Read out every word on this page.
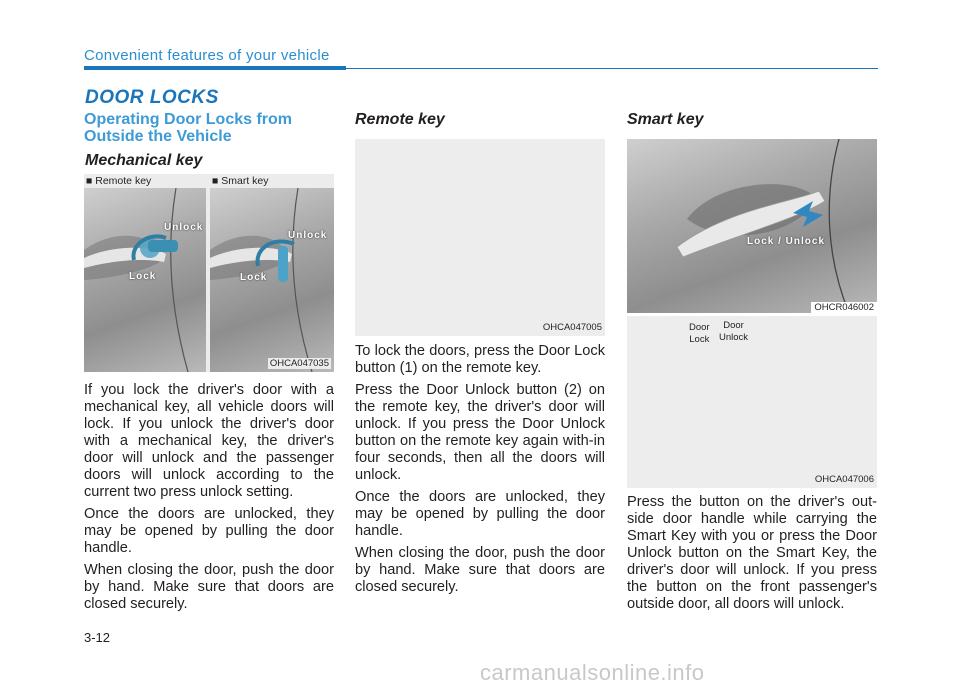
Convenient features of your vehicle
DOOR LOCKS
Operating Door Locks from Outside the Vehicle
Mechanical key
Unlock
Lock
■ Remote key
Unlock
Lock
■ Smart key
OHCA047035

If you lock the driver's door with a mechanical key, all vehicle doors will lock. If you unlock the driver's door with a mechanical key, the driver's door will unlock and the passenger doors will unlock according to the current two press unlock setting.

Once the doors are unlocked, they may be opened by pulling the door handle.

When closing the door, push the door by hand. Make sure that doors are closed securely.

Remote key
OHCA047005

To lock the doors, press the Door Lock button (1) on the remote key.

Press the Door Unlock button (2) on the remote key, the driver's door will unlock. If you press the Door Unlock button on the remote key again with-in four seconds, then all the doors will unlock.

Once the doors are unlocked, they may be opened by pulling the door handle.

When closing the door, push the door by hand. Make sure that doors are closed securely.

Smart key
Lock / Unlock
OHCR046002
Door
Lock
Door
Unlock
OHCA047006

Press the button on the driver's out-side door handle while carrying the Smart Key with you or press the Door Unlock button on the Smart Key, the driver's door will unlock. If you press the button on the front passenger's outside door, all doors will unlock.

3-12
carmanualsonline.info
